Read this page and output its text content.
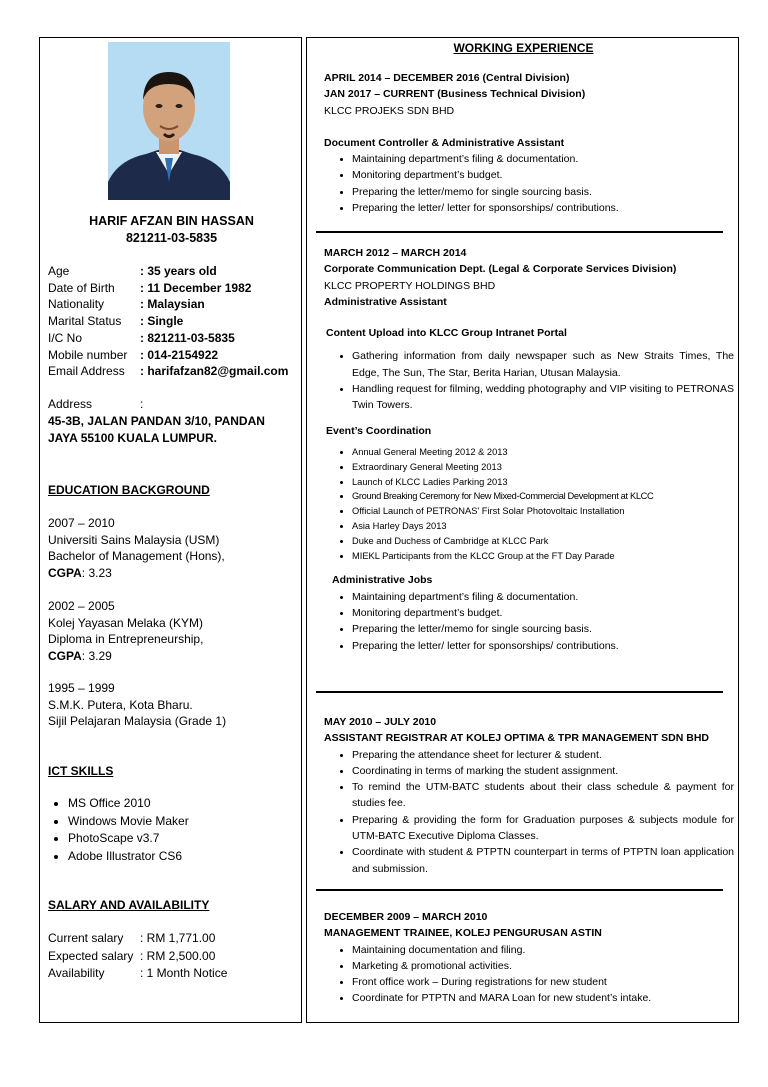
HARIF AFZAN BIN HASSAN
821211-03-5835
Age	: 35 years old
Date of Birth	: 11 December 1982
Nationality	: Malaysian
Marital Status	: Single
I/C No	: 821211-03-5835
Mobile number	: 014-2154922
Email Address	: harifafzan82@gmail.com
Address	:
45-3B, JALAN PANDAN 3/10, PANDAN
JAYA 55100 KUALA LUMPUR.
EDUCATION BACKGROUND
2007 – 2010
Universiti Sains Malaysia (USM)
Bachelor of Management (Hons),
CGPA: 3.23
2002 – 2005
Kolej Yayasan Melaka (KYM)
Diploma in Entrepreneurship,
CGPA: 3.29
1995 – 1999
S.M.K. Putera, Kota Bharu.
Sijil Pelajaran Malaysia (Grade 1)
ICT SKILLS
• MS Office 2010
• Windows Movie Maker
• PhotoScape v3.7
• Adobe Illustrator CS6
SALARY AND AVAILABILITY
Current salary	: RM 1,771.00
Expected salary : RM 2,500.00
Availability	: 1 Month Notice
WORKING EXPERIENCE
APRIL 2014 – DECEMBER 2016 (Central Division)
JAN 2017 – CURRENT (Business Technical Division)
KLCC PROJEKS SDN BHD
Document Controller & Administrative Assistant
• Maintaining department’s filing & documentation.
• Monitoring department’s budget.
• Preparing the letter/memo for single sourcing basis.
• Preparing the letter/ letter for sponsorships/ contributions.
MARCH 2012 – MARCH 2014
Corporate Communication Dept. (Legal & Corporate Services Division)
KLCC PROPERTY HOLDINGS BHD
Administrative Assistant
Content Upload into KLCC Group Intranet Portal
• Gathering information from daily newspaper such as New Straits Times, The Edge, The Sun, The Star, Berita Harian, Utusan Malaysia.
• Handling request for filming, wedding photography and VIP visiting to PETRONAS Twin Towers.
Event’s Coordination
• Annual General Meeting 2012 & 2013
• Extraordinary General Meeting 2013
• Launch of KLCC Ladies Parking 2013
• Ground Breaking Ceremony for New Mixed-Commercial Development at KLCC
• Official Launch of PETRONAS' First Solar Photovoltaic Installation
• Asia Harley Days 2013
• Duke and Duchess of Cambridge at KLCC Park
• MIEKL Participants from the KLCC Group at the FT Day Parade
Administrative Jobs
• Maintaining department’s filing & documentation.
• Monitoring department’s budget.
• Preparing the letter/memo for single sourcing basis.
• Preparing the letter/ letter for sponsorships/ contributions.
MAY 2010 – JULY 2010
ASSISTANT REGISTRAR AT KOLEJ OPTIMA & TPR MANAGEMENT SDN BHD
• Preparing the attendance sheet for lecturer & student.
• Coordinating in terms of marking the student assignment.
• To remind the UTM-BATC students about their class schedule & payment for studies fee.
• Preparing & providing the form for Graduation purposes & subjects module for UTM-BATC Executive Diploma Classes.
• Coordinate with student & PTPTN counterpart in terms of PTPTN loan application and submission.
DECEMBER 2009 – MARCH 2010
MANAGEMENT TRAINEE, KOLEJ PENGURUSAN ASTIN
• Maintaining documentation and filing.
• Marketing & promotional activities.
• Front office work – During registrations for new student
• Coordinate for PTPTN and MARA Loan for new student’s intake.
